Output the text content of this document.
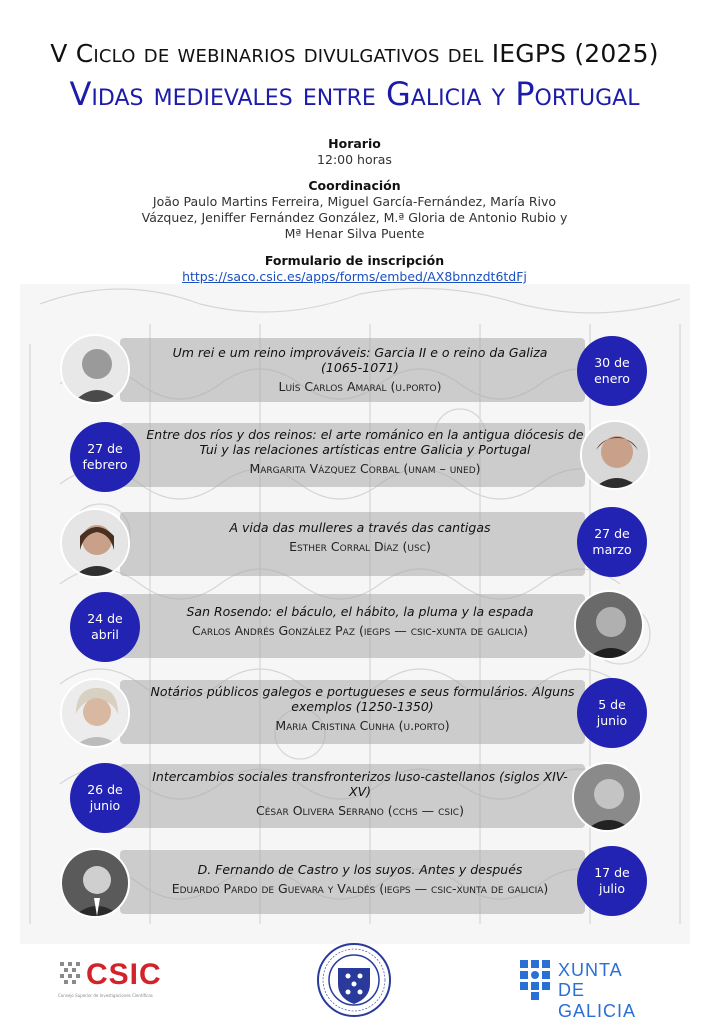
V Ciclo de webinarios divulgativos del IEGPS (2025)
Vidas medievales entre Galicia y Portugal
Horario
12:00 horas
Coordinación
João Paulo Martins Ferreira, Miguel García-Fernández, María Rivo
Vázquez, Jeniffer Fernández González, M.ª Gloria de Antonio Rubio y
Mª Henar Silva Puente
Formulario de inscripción
https://saco.csic.es/apps/forms/embed/AX8bnnzdt6tdFj
Um rei e um reino improváveis: Garcia II e o reino da Galiza (1065-1071)
Luís Carlos Amaral (u.porto)
30 de
enero
Entre dos ríos y dos reinos: el arte románico en la antigua diócesis de Tui y las relaciones artísticas entre Galicia y Portugal
Margarita Vázquez Corbal (unam – uned)
27 de
febrero
A vida das mulleres a través das cantigas
Esther Corral Díaz (usc)
27 de
marzo
San Rosendo: el báculo, el hábito, la pluma y la espada
Carlos Andrés González Paz (iegps — csic-xunta de galicia)
24 de
abril
Notários públicos galegos e portugueses e seus formulários. Alguns exemplos (1250-1350)
Maria Cristina Cunha (u.porto)
5 de
junio
Intercambios sociales transfronterizos luso-castellanos (siglos XIV-XV)
César Olivera Serrano (cchs — csic)
26 de
junio
D. Fernando de Castro y los suyos. Antes y después
Eduardo Pardo de Guevara y Valdés (iegps — csic-xunta de galicia)
17 de
julio
CSIC
Consejo Superior de Investigaciones Científicas
XUNTA
DE GALICIA
